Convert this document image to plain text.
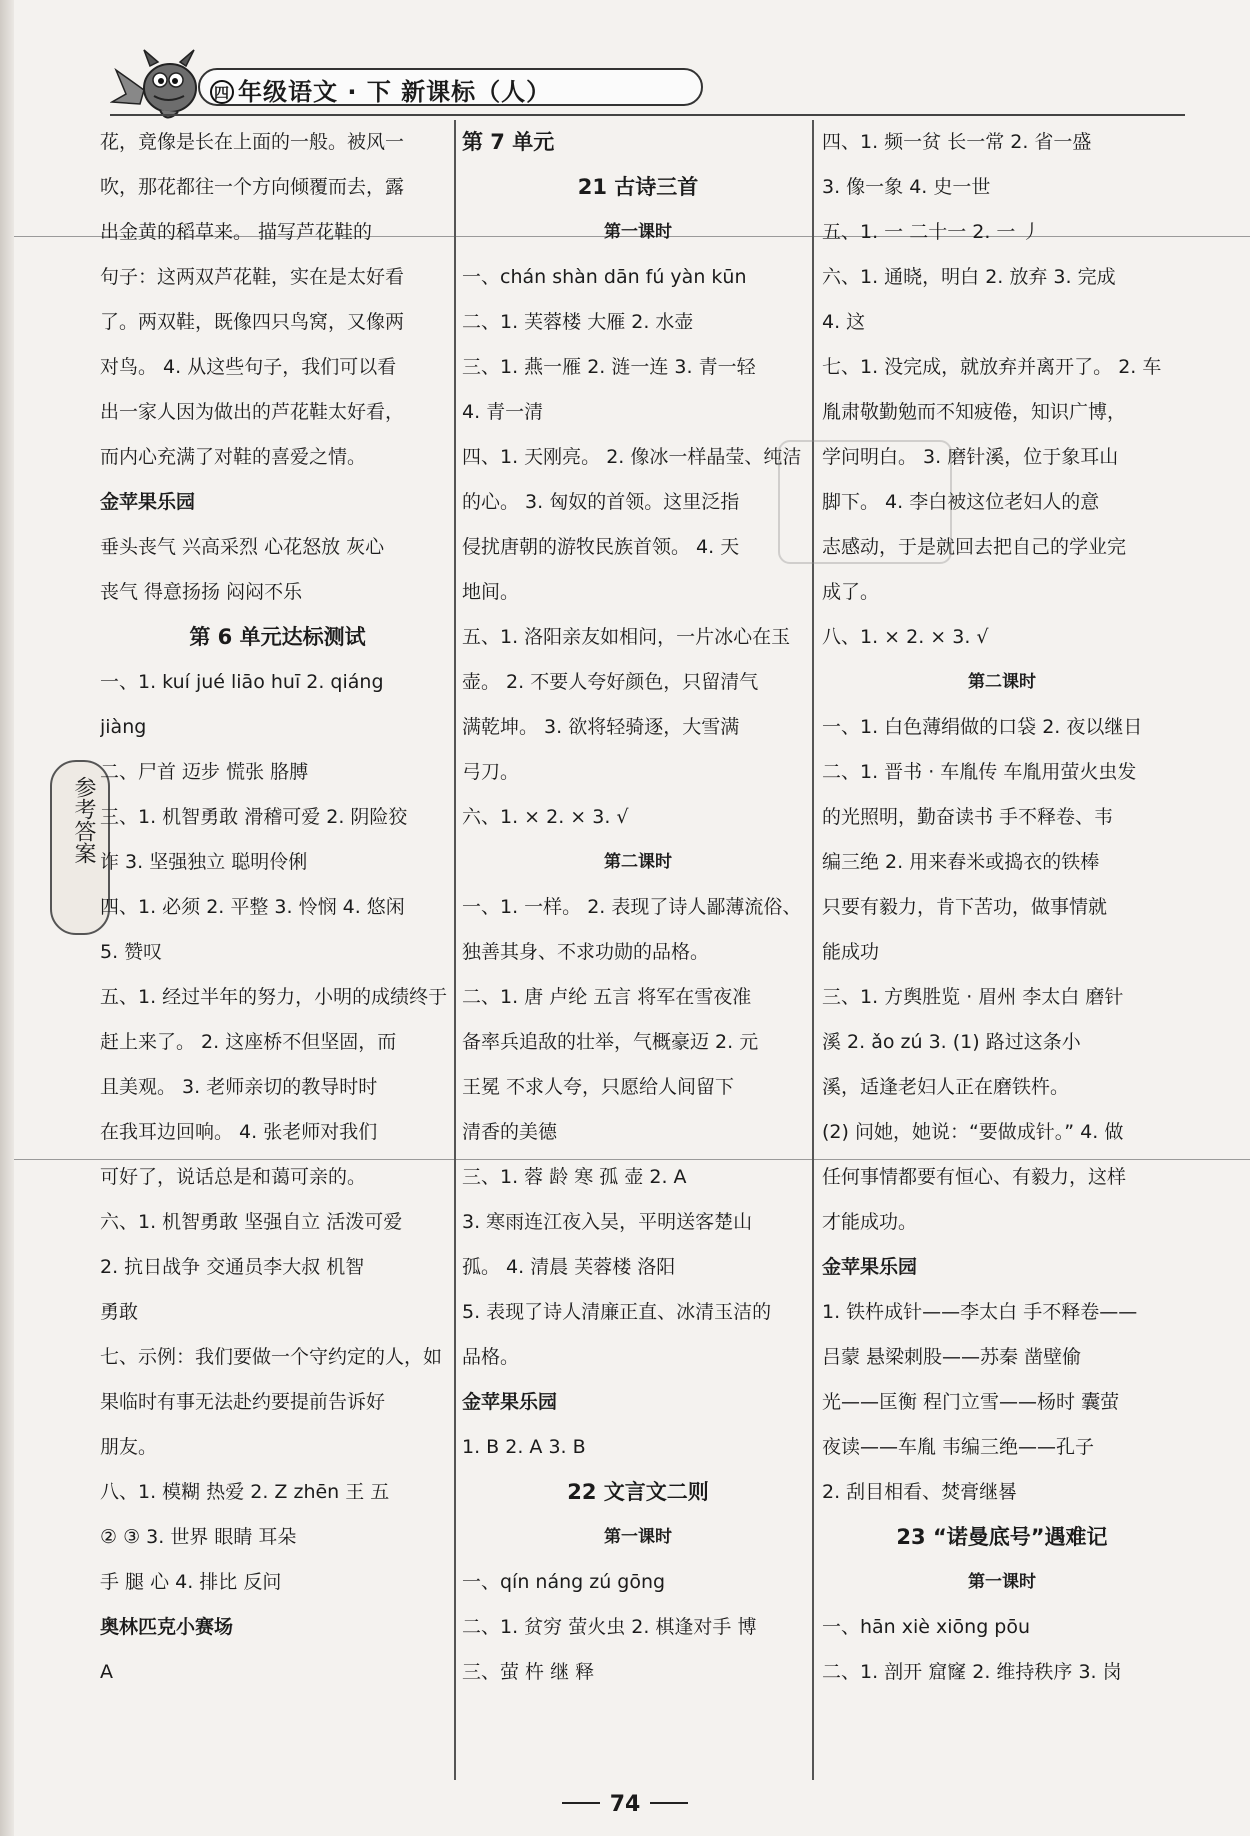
四 年级语文 · 下 新课标（人）
参考答案
花，竟像是长在上面的一般。被风一
吹，那花都往一个方向倾覆而去，露
出金黄的稻草来。 描写芦花鞋的
句子：这两双芦花鞋，实在是太好看
了。两双鞋，既像四只鸟窝，又像两
对鸟。 4. 从这些句子，我们可以看
出一家人因为做出的芦花鞋太好看，
而内心充满了对鞋的喜爱之情。
金苹果乐园
垂头丧气 兴高采烈 心花怒放 灰心
丧气 得意扬扬 闷闷不乐
第 6 单元达标测试
一、1. kuí jué liāo huī 2. qiáng
jiàng
二、尸首 迈步 慌张 胳膊
三、1. 机智勇敢 滑稽可爱 2. 阴险狡
诈 3. 坚强独立 聪明伶俐
四、1. 必须 2. 平整 3. 怜悯 4. 悠闲
5. 赞叹
五、1. 经过半年的努力，小明的成绩终于
赶上来了。 2. 这座桥不但坚固，而
且美观。 3. 老师亲切的教导时时
在我耳边回响。 4. 张老师对我们
可好了，说话总是和蔼可亲的。
六、1. 机智勇敢 坚强自立 活泼可爱
2. 抗日战争 交通员李大叔 机智
勇敢
七、示例：我们要做一个守约定的人，如
果临时有事无法赴约要提前告诉好
朋友。
八、1. 模糊 热爱 2. Z zhēn 王 五
② ③ 3. 世界 眼睛 耳朵
手 腿 心 4. 排比 反问
奥林匹克小赛场
A
第 7 单元
21 古诗三首
第一课时
一、chán shàn dān fú yàn kūn
二、1. 芙蓉楼 大雁 2. 水壶
三、1. 燕一雁 2. 涟一连 3. 青一轻
4. 青一清
四、1. 天刚亮。 2. 像冰一样晶莹、纯洁
的心。 3. 匈奴的首领。这里泛指
侵扰唐朝的游牧民族首领。 4. 天
地间。
五、1. 洛阳亲友如相问，一片冰心在玉
壶。 2. 不要人夸好颜色，只留清气
满乾坤。 3. 欲将轻骑逐，大雪满
弓刀。
六、1. × 2. × 3. √
第二课时
一、1. 一样。 2. 表现了诗人鄙薄流俗、
独善其身、不求功勋的品格。
二、1. 唐 卢纶 五言 将军在雪夜准
备率兵追敌的壮举，气概豪迈 2. 元
王冕 不求人夸，只愿给人间留下
清香的美德
三、1. 蓉 龄 寒 孤 壶 2. A
3. 寒雨连江夜入吴，平明送客楚山
孤。 4. 清晨 芙蓉楼 洛阳
5. 表现了诗人清廉正直、冰清玉洁的
品格。
金苹果乐园
1. B 2. A 3. B
22 文言文二则
第一课时
一、qín náng zú gōng
二、1. 贫穷 萤火虫 2. 棋逢对手 博
三、萤 杵 继 释
四、1. 频一贫 长一常 2. 省一盛
3. 像一象 4. 史一世
五、1. 一 二十一 2. 一 丿
六、1. 通晓，明白 2. 放弃 3. 完成
4. 这
七、1. 没完成，就放弃并离开了。 2. 车
胤肃敬勤勉而不知疲倦，知识广博，
学问明白。 3. 磨针溪，位于象耳山
脚下。 4. 李白被这位老妇人的意
志感动，于是就回去把自己的学业完
成了。
八、1. × 2. × 3. √
第二课时
一、1. 白色薄绢做的口袋 2. 夜以继日
二、1. 晋书 · 车胤传 车胤用萤火虫发
的光照明，勤奋读书 手不释卷、韦
编三绝 2. 用来舂米或捣衣的铁棒
只要有毅力，肯下苦功，做事情就
能成功
三、1. 方舆胜览 · 眉州 李太白 磨针
溪 2. ǎo zú 3. (1) 路过这条小
溪，适逢老妇人正在磨铁杵。
(2) 问她，她说：“要做成针。” 4. 做
任何事情都要有恒心、有毅力，这样
才能成功。
金苹果乐园
1. 铁杵成针——李太白 手不释卷——
吕蒙 悬梁刺股——苏秦 凿壁偷
光——匡衡 程门立雪——杨时 囊萤
夜读——车胤 韦编三绝——孔子
2. 刮目相看、焚膏继晷
23 “诺曼底号”遇难记
第一课时
一、hān xiè xiōng pōu
二、1. 剖开 窟窿 2. 维持秩序 3. 岗
74
